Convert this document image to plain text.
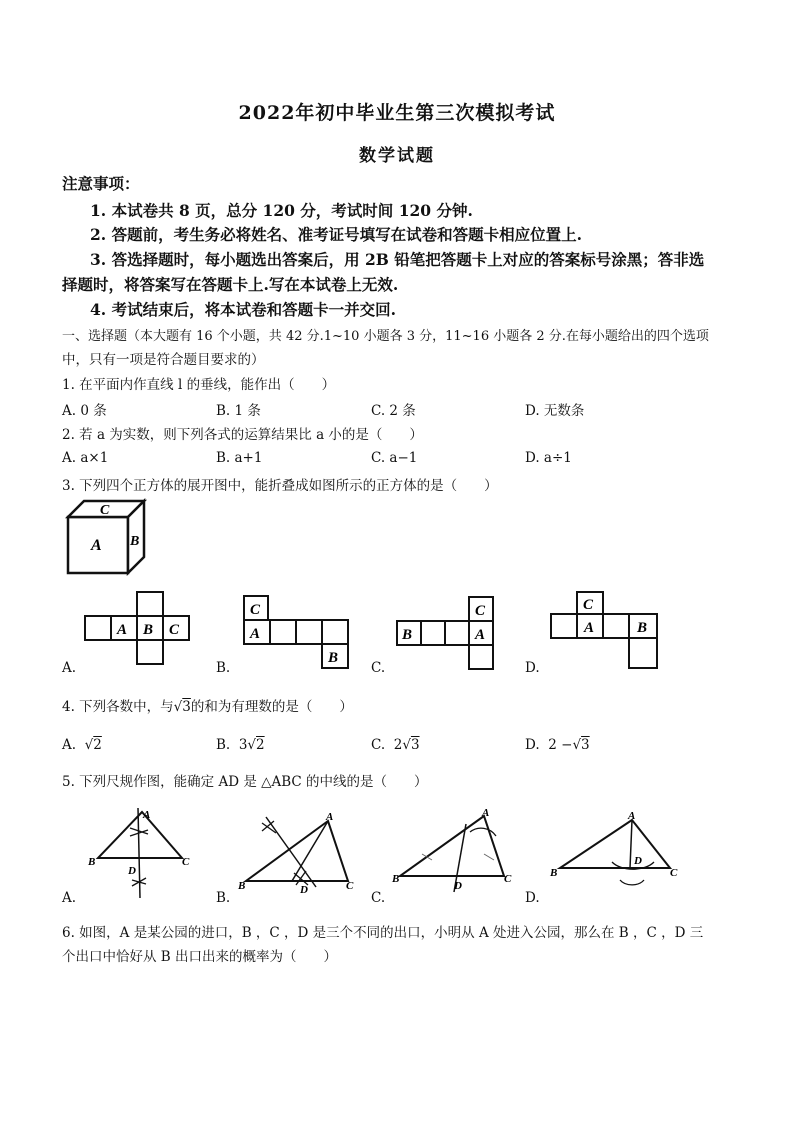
2022年初中毕业生第三次模拟考试
数学试题
注意事项：
1. 本试卷共 8 页，总分 120 分，考试时间 120 分钟.
2. 答题前，考生务必将姓名、准考证号填写在试卷和答题卡相应位置上.
3. 答选择题时，每小题选出答案后，用 2B 铅笔把答题卡上对应的答案标号涂黑；答非选
择题时，将答案写在答题卡上.写在本试卷上无效.
4. 考试结束后，将本试卷和答题卡一并交回.
一、选择题（本大题有 16 个小题，共 42 分.1~10 小题各 3 分，11~16 小题各 2 分.在每小题给出的四个选项
中，只有一项是符合题目要求的）
1. 在平面内作直线 l 的垂线，能作出（　　）
A. 0 条	B. 1 条	C. 2 条	D. 无数条
2. 若 a 为实数，则下列各式的运算结果比 a 小的是（　　）
A. a×1	B. a+1	C. a−1	D. a÷1
3. 下列四个正方体的展开图中，能折叠成如图所示的正方体的是（　　）
C
A B
A B C
A.
C
A
B
B.
B
C
A
C.
C
A	B
D.
4. 下列各数中，与√3的和为有理数的是（　　）
A. √2	B. 3√2	C. 2√3	D. 2 −√3
5. 下列尺规作图，能确定 AD 是 △ABC 的中线的是（　　）
A
B	C
D
A.
A
B	C
D
B.
A
B	C
D
C.
A
B	C
D
D.
6. 如图，A 是某公园的进口，B ，C ，D 是三个不同的出口，小明从 A 处进入公园，那么在 B ，C ，D 三
个出口中恰好从 B 出口出来的概率为（　　）
